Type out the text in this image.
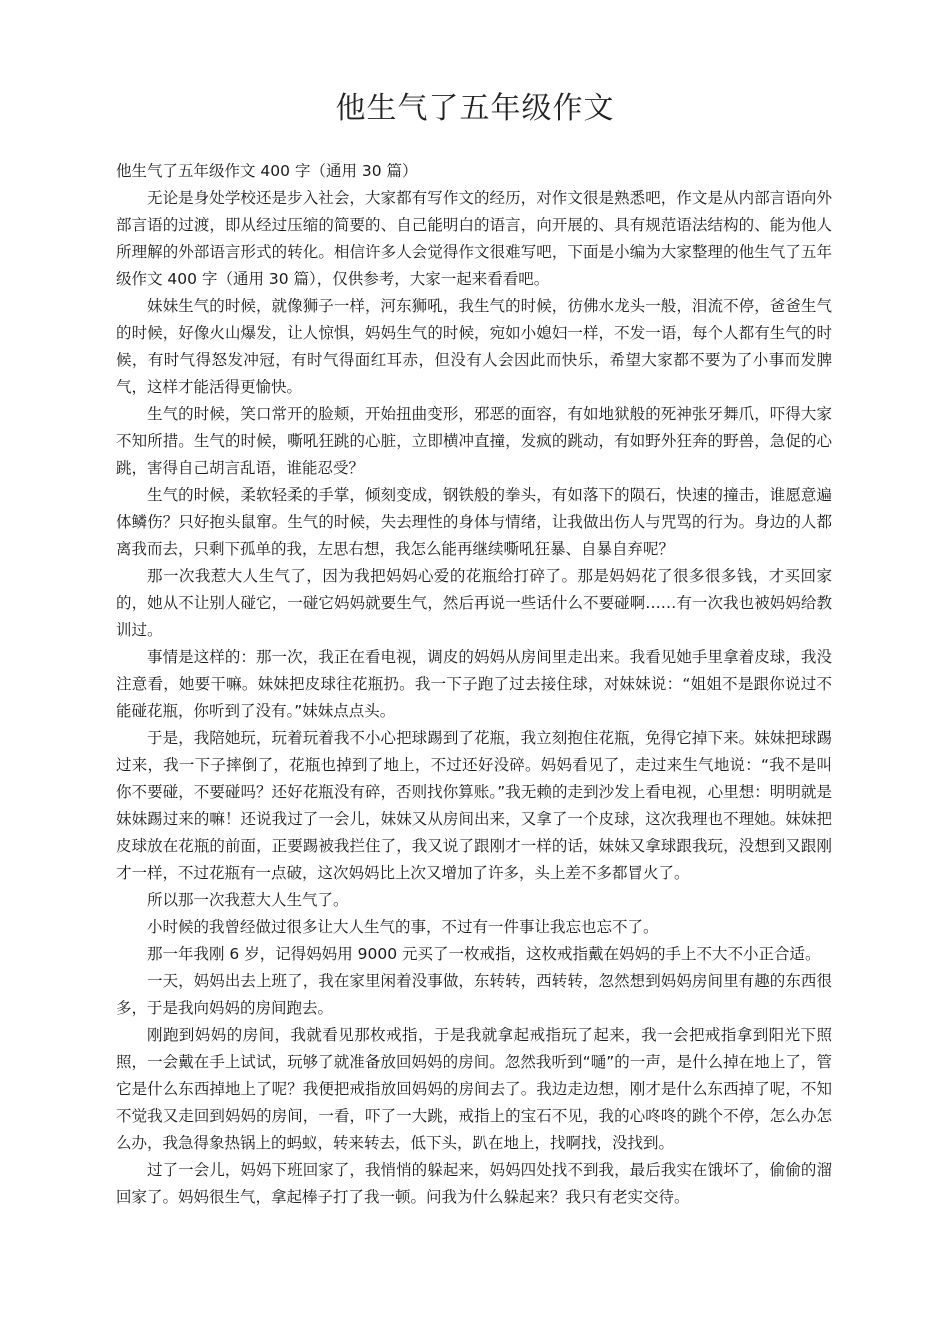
他生气了五年级作文

他生气了五年级作文 400 字（通用 30 篇）

无论是身处学校还是步入社会，大家都有写作文的经历，对作文很是熟悉吧，作文是从内部言语向外部言语的过渡，即从经过压缩的简要的、自己能明白的语言，向开展的、具有规范语法结构的、能为他人所理解的外部语言形式的转化。相信许多人会觉得作文很难写吧，下面是小编为大家整理的他生气了五年级作文 400 字（通用 30 篇），仅供参考，大家一起来看看吧。

妹妹生气的时候，就像狮子一样，河东狮吼，我生气的时候，彷佛水龙头一般，泪流不停，爸爸生气的时候，好像火山爆发，让人惊惧，妈妈生气的时候，宛如小媳妇一样，不发一语，每个人都有生气的时候，有时气得怒发冲冠，有时气得面红耳赤，但没有人会因此而快乐，希望大家都不要为了小事而发脾气，这样才能活得更愉快。

生气的时候，笑口常开的脸颊，开始扭曲变形，邪恶的面容，有如地狱般的死神张牙舞爪，吓得大家不知所措。生气的时候，嘶吼狂跳的心脏，立即横冲直撞，发疯的跳动，有如野外狂奔的野兽，急促的心跳，害得自己胡言乱语，谁能忍受？

生气的时候，柔软轻柔的手掌，倾刻变成，钢铁般的拳头，有如落下的陨石，快速的撞击，谁愿意遍体鳞伤？只好抱头鼠窜。生气的时候，失去理性的身体与情绪，让我做出伤人与咒骂的行为。身边的人都离我而去，只剩下孤单的我，左思右想，我怎么能再继续嘶吼狂暴、自暴自弃呢？

那一次我惹大人生气了，因为我把妈妈心爱的花瓶给打碎了。那是妈妈花了很多很多钱，才买回家的，她从不让别人碰它，一碰它妈妈就要生气，然后再说一些话什么不要碰啊……有一次我也被妈妈给教训过。

事情是这样的：那一次，我正在看电视，调皮的妈妈从房间里走出来。我看见她手里拿着皮球，我没注意看，她要干嘛。妹妹把皮球往花瓶扔。我一下子跑了过去接住球，对妹妹说：“姐姐不是跟你说过不能碰花瓶，你听到了没有。”妹妹点点头。

于是，我陪她玩，玩着玩着我不小心把球踢到了花瓶，我立刻抱住花瓶，免得它掉下来。妹妹把球踢过来，我一下子摔倒了，花瓶也掉到了地上，不过还好没碎。妈妈看见了，走过来生气地说：“我不是叫你不要碰，不要碰吗？还好花瓶没有碎，否则找你算账。”我无赖的走到沙发上看电视，心里想：明明就是妹妹踢过来的嘛！还说我过了一会儿，妹妹又从房间出来，又拿了一个皮球，这次我理也不理她。妹妹把皮球放在花瓶的前面，正要踢被我拦住了，我又说了跟刚才一样的话，妹妹又拿球跟我玩，没想到又跟刚才一样，不过花瓶有一点破，这次妈妈比上次又增加了许多，头上差不多都冒火了。

所以那一次我惹大人生气了。

小时候的我曾经做过很多让大人生气的事，不过有一件事让我忘也忘不了。

那一年我刚 6 岁，记得妈妈用 9000 元买了一枚戒指，这枚戒指戴在妈妈的手上不大不小正合适。

一天，妈妈出去上班了，我在家里闲着没事做，东转转，西转转，忽然想到妈妈房间里有趣的东西很多，于是我向妈妈的房间跑去。

刚跑到妈妈的房间，我就看见那枚戒指，于是我就拿起戒指玩了起来，我一会把戒指拿到阳光下照照，一会戴在手上试试，玩够了就准备放回妈妈的房间。忽然我听到“嗵”的一声，是什么掉在地上了，管它是什么东西掉地上了呢？我便把戒指放回妈妈的房间去了。我边走边想，刚才是什么东西掉了呢，不知不觉我又走回到妈妈的房间，一看，吓了一大跳，戒指上的宝石不见，我的心咚咚的跳个不停，怎么办怎么办，我急得象热锅上的蚂蚁，转来转去，低下头，趴在地上，找啊找，没找到。

过了一会儿，妈妈下班回家了，我悄悄的躲起来，妈妈四处找不到我，最后我实在饿坏了，偷偷的溜回家了。妈妈很生气，拿起棒子打了我一顿。问我为什么躲起来？我只有老实交待。
